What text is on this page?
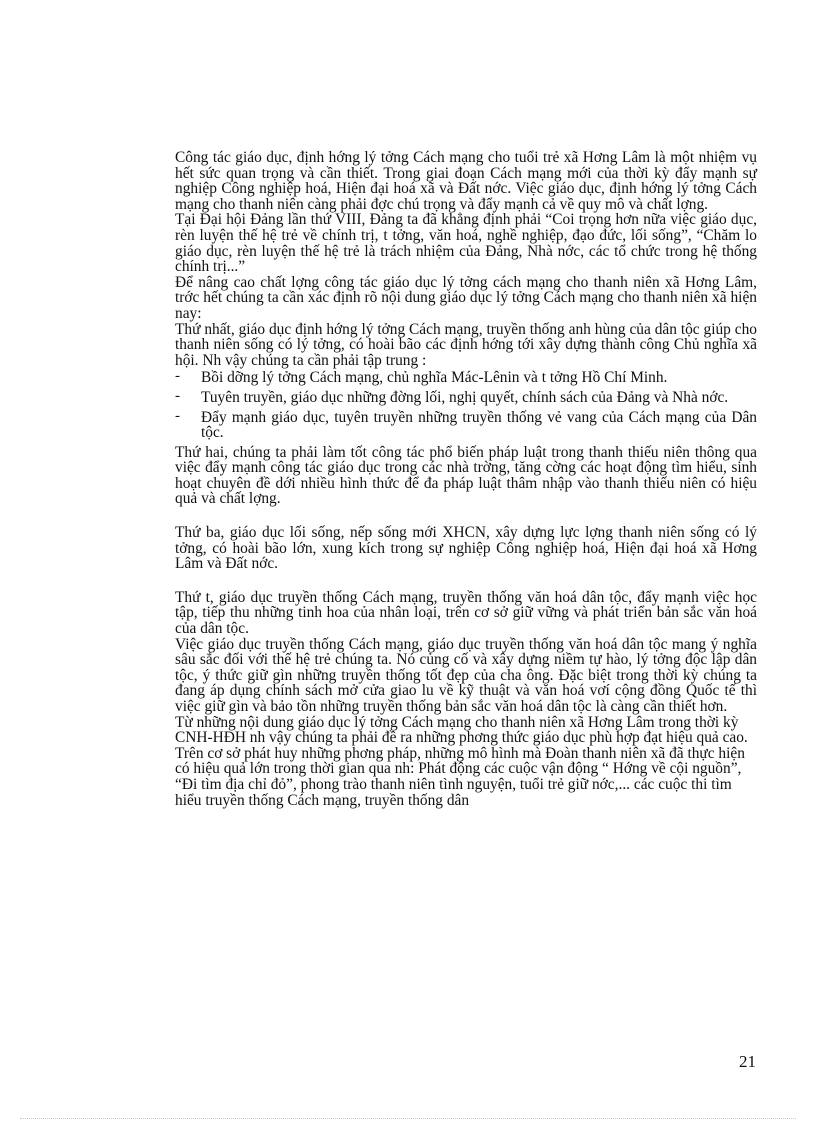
Công tác giáo dục, định hớng lý tởng Cách mạng cho tuổi trẻ xã Hơng Lâm là một nhiệm vụ hết sức quan trọng và cần thiết. Trong giai đoạn Cách mạng mới của thời kỳ đẩy mạnh sự nghiệp Công nghiệp hoá, Hiện đại hoá xã và Đất nớc. Việc giáo dục, định hớng lý tởng Cách mạng cho thanh niên càng phải đợc chú trọng và đẩy mạnh cả về quy mô và chất lợng.

Tại Đại hội Đảng lần thứ VIII, Đảng ta đã khẳng định phải “Coi trọng hơn nữa việc giáo dục, rèn luyện thế hệ trẻ về chính trị, t tởng, văn hoá, nghề nghiệp, đạo đức, lối sống”, “Chăm lo giáo dục, rèn luyện thế hệ trẻ là trách nhiệm của Đảng, Nhà nớc, các tổ chức trong hệ thống chính trị...”

Để nâng cao chất lợng công tác giáo dục lý tởng cách mạng cho thanh niên xã Hơng Lâm, trớc hết chúng ta cần xác định rõ nội dung giáo dục lý tởng Cách mạng cho thanh niên xã hiện nay:

Thứ nhất, giáo dục định hớng lý tởng Cách mạng, truyền thống anh hùng của dân tộc giúp cho thanh niên sống có lý tởng, có hoài bão các định hớng tới xây dựng thành công Chủ nghĩa xã hội. Nh vậy chúng ta cần phải tập trung :

-	Bồi dỡng lý tởng Cách mạng, chủ nghĩa Mác-Lênin và t tởng Hồ Chí Minh.
-	Tuyên truyền, giáo dục những đờng lối, nghị quyết, chính sách của Đảng và Nhà nớc.
-	Đẩy mạnh giáo dục, tuyên truyền những truyền thống vẻ vang của Cách mạng của Dân tộc.

Thứ hai, chúng ta phải làm tốt công tác phổ biến pháp luật trong thanh thiếu niên thông qua việc đẩy mạnh công tác giáo dục trong các nhà trờng, tăng cờng các hoạt động tìm hiểu, sinh hoạt chuyên đề dới nhiều hình thức để đa pháp luật thâm nhập vào thanh thiếu niên có hiệu quả và chất lợng.

Thứ ba, giáo dục lối sống, nếp sống mới XHCN, xây dựng lực lợng thanh niên sống có lý tởng, có hoài bão lớn, xung kích trong sự nghiệp Công nghiệp hoá, Hiện đại hoá xã Hơng Lâm và Đất nớc.

Thứ t, giáo dục truyền thống Cách mạng, truyền thống văn hoá dân tộc, đẩy mạnh việc học tập, tiếp thu những tinh hoa của nhân loại, trên cơ sở giữ vững và phát triển bản sắc văn hoá của dân tộc.

Việc giáo dục truyền thống Cách mạng, giáo dục truyền thống văn hoá dân tộc mang ý nghĩa sâu sắc đối với thế hệ trẻ chúng ta. Nó củng cố và xây dựng niềm tự hào, lý tởng độc lập dân tộc, ý thức giữ gìn những truyền thống tốt đẹp của cha ông. Đặc biệt trong thời kỳ chúng ta đang áp dụng chính sách mở cửa giao lu về kỹ thuật và văn hoá vơí cộng đồng Quốc tế thì việc giữ gìn và bảo tồn những truyền thống bản sắc văn hoá dân tộc là càng cần thiết hơn.

Từ những nội dung giáo dục lý tởng Cách mạng cho thanh niên xã Hơng Lâm trong thời kỳ CNH-HĐH nh vậy chúng ta phải đề ra những phơng thức giáo dục phù hợp đạt hiệu quả cao. Trên cơ sở phát huy những phơng pháp, những mô hình mà Đoàn thanh niên xã đã thực hiện có hiệu quả lớn trong thời gian qua nh: Phát động các cuộc vận động “ Hớng về cội nguồn”, “Đi tìm địa chỉ đỏ”, phong trào thanh niên tình nguyện, tuổi trẻ giữ nớc,... các cuộc thi tìm hiểu truyền thống Cách mạng, truyền thống dân

21
